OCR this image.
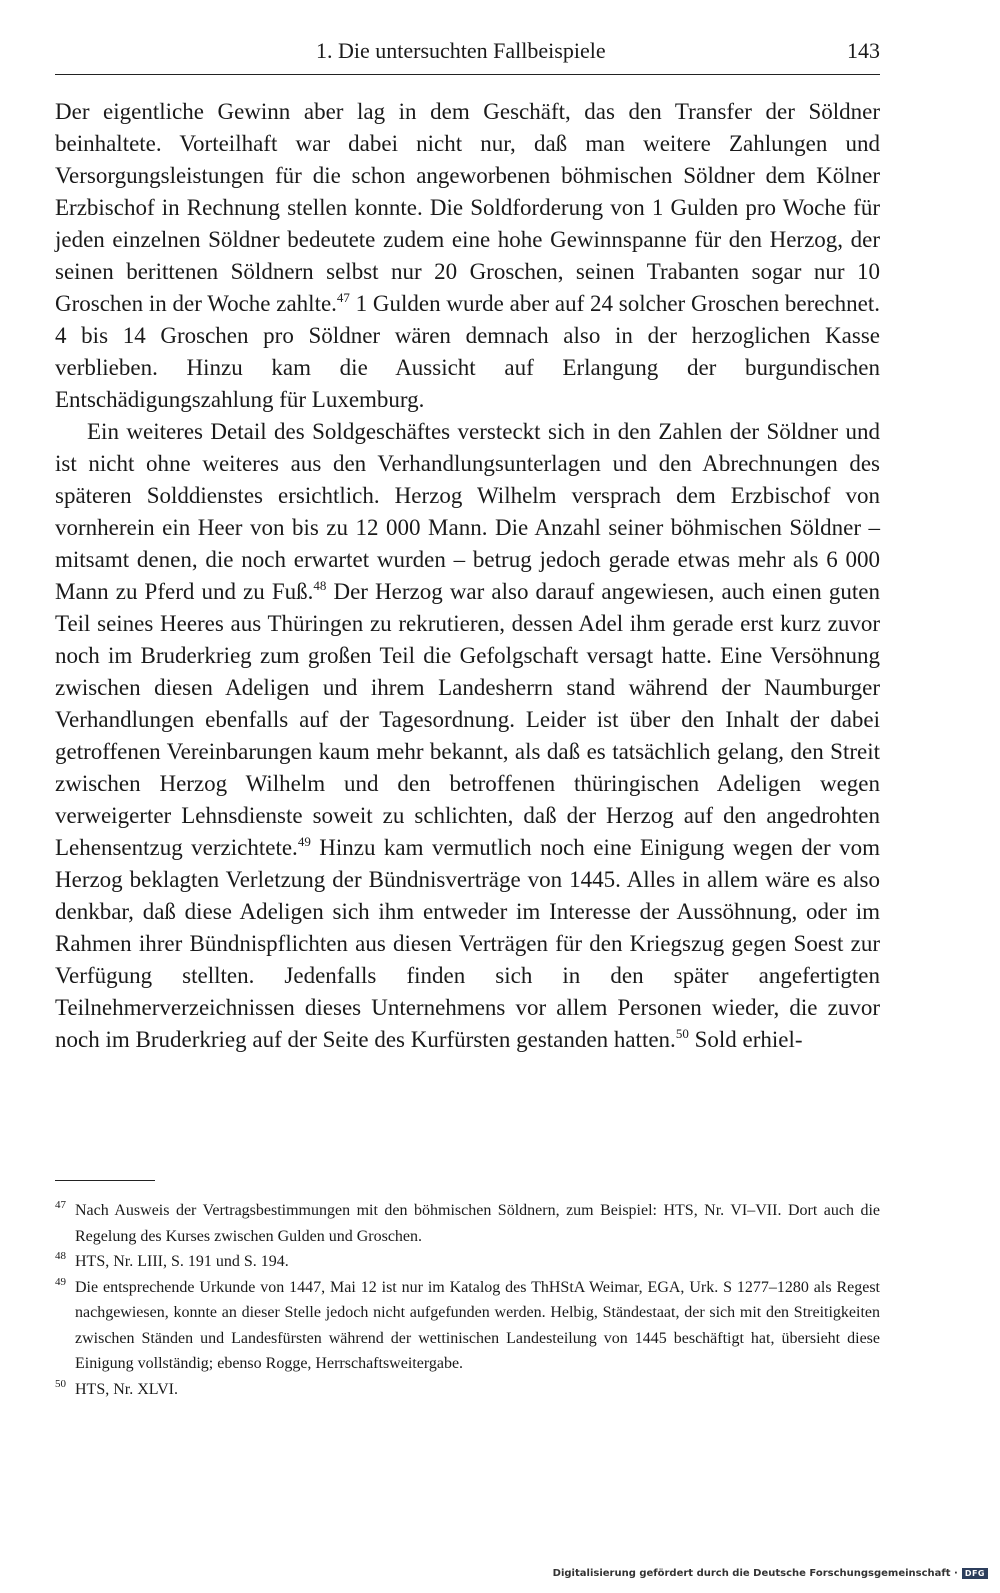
1. Die untersuchten Fallbeispiele	143

Der eigentliche Gewinn aber lag in dem Geschäft, das den Transfer der Söldner beinhaltete. Vorteilhaft war dabei nicht nur, daß man weitere Zahlungen und Versorgungsleistungen für die schon angeworbenen böhmischen Söldner dem Kölner Erzbischof in Rechnung stellen konnte. Die Soldforderung von 1 Gulden pro Woche für jeden einzelnen Söldner bedeutete zudem eine hohe Gewinnspanne für den Herzog, der seinen berittenen Söldnern selbst nur 20 Groschen, seinen Trabanten sogar nur 10 Groschen in der Woche zahlte.$^{47}$ 1 Gulden wurde aber auf 24 solcher Groschen berechnet. 4 bis 14 Groschen pro Söldner wären demnach also in der herzoglichen Kasse verblieben. Hinzu kam die Aussicht auf Erlangung der burgundischen Entschädigungszahlung für Luxemburg.

Ein weiteres Detail des Soldgeschäftes versteckt sich in den Zahlen der Söldner und ist nicht ohne weiteres aus den Verhandlungsunterlagen und den Abrechnungen des späteren Solddienstes ersichtlich. Herzog Wilhelm versprach dem Erzbischof von vornherein ein Heer von bis zu 12 000 Mann. Die Anzahl seiner böhmischen Söldner – mitsamt denen, die noch erwartet wurden – betrug jedoch gerade etwas mehr als 6 000 Mann zu Pferd und zu Fuß.$^{48}$ Der Herzog war also darauf angewiesen, auch einen guten Teil seines Heeres aus Thüringen zu rekrutieren, dessen Adel ihm gerade erst kurz zuvor noch im Bruderkrieg zum großen Teil die Gefolgschaft versagt hatte. Eine Versöhnung zwischen diesen Adeligen und ihrem Landesherrn stand während der Naumburger Verhandlungen ebenfalls auf der Tagesordnung. Leider ist über den Inhalt der dabei getroffenen Vereinbarungen kaum mehr bekannt, als daß es tatsächlich gelang, den Streit zwischen Herzog Wilhelm und den betroffenen thüringischen Adeligen wegen verweigerter Lehnsdienste soweit zu schlichten, daß der Herzog auf den angedrohten Lehensentzug verzichtete.$^{49}$ Hinzu kam vermutlich noch eine Einigung wegen der vom Herzog beklagten Verletzung der Bündnisverträge von 1445. Alles in allem wäre es also denkbar, daß diese Adeligen sich ihm entweder im Interesse der Aussöhnung, oder im Rahmen ihrer Bündnispflichten aus diesen Verträgen für den Kriegszug gegen Soest zur Verfügung stellten. Jedenfalls finden sich in den später angefertigten Teilnehmerverzeichnissen dieses Unternehmens vor allem Personen wieder, die zuvor noch im Bruderkrieg auf der Seite des Kurfürsten gestanden hatten.$^{50}$ Sold erhiel-

47 Nach Ausweis der Vertragsbestimmungen mit den böhmischen Söldnern, zum Beispiel: HTS, Nr. VI–VII. Dort auch die Regelung des Kurses zwischen Gulden und Groschen.
48 HTS, Nr. LIII, S. 191 und S. 194.
49 Die entsprechende Urkunde von 1447, Mai 12 ist nur im Katalog des ThHStA Weimar, EGA, Urk. S 1277–1280 als Regest nachgewiesen, konnte an dieser Stelle jedoch nicht aufgefunden werden. Helbig, Ständestaat, der sich mit den Streitigkeiten zwischen Ständen und Landesfürsten während der wettinischen Landesteilung von 1445 beschäftigt hat, übersieht diese Einigung vollständig; ebenso Rogge, Herrschaftsweitergabe.
50 HTS, Nr. XLVI.
Digitalisierung gefördert durch die Deutsche Forschungsgemeinschaft · DFG
